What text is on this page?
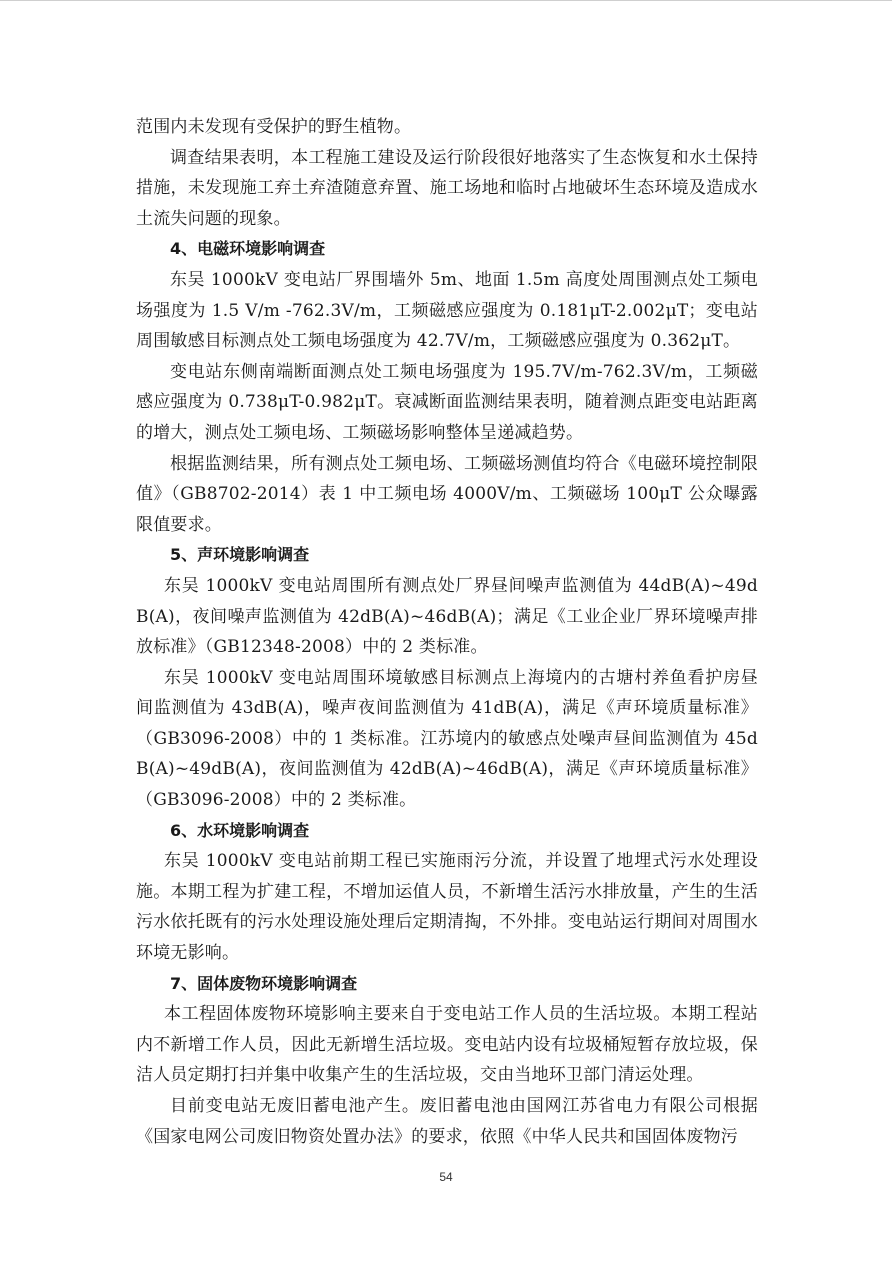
范围内未发现有受保护的野生植物。

调查结果表明，本工程施工建设及运行阶段很好地落实了生态恢复和水土保持措施，未发现施工弃土弃渣随意弃置、施工场地和临时占地破坏生态环境及造成水土流失问题的现象。

4、电磁环境影响调查

东吴 1000kV 变电站厂界围墙外 5m、地面 1.5m 高度处周围测点处工频电场强度为 1.5 V/m -762.3V/m，工频磁感应强度为 0.181μT-2.002μT；变电站周围敏感目标测点处工频电场强度为 42.7V/m，工频磁感应强度为 0.362μT。

变电站东侧南端断面测点处工频电场强度为 195.7V/m-762.3V/m，工频磁感应强度为 0.738μT-0.982μT。衰减断面监测结果表明，随着测点距变电站距离的增大，测点处工频电场、工频磁场影响整体呈递减趋势。

根据监测结果，所有测点处工频电场、工频磁场测值均符合《电磁环境控制限值》（GB8702-2014）表 1 中工频电场 4000V/m、工频磁场 100μT 公众曝露限值要求。

5、声环境影响调查

东吴 1000kV 变电站周围所有测点处厂界昼间噪声监测值为 44dB(A)~49dB(A)，夜间噪声监测值为 42dB(A)~46dB(A)；满足《工业企业厂界环境噪声排放标准》（GB12348-2008）中的 2 类标准。

东吴 1000kV 变电站周围环境敏感目标测点上海境内的古塘村养鱼看护房昼间监测值为 43dB(A)，噪声夜间监测值为 41dB(A)，满足《声环境质量标准》（GB3096-2008）中的 1 类标准。江苏境内的敏感点处噪声昼间监测值为 45dB(A)~49dB(A)，夜间监测值为 42dB(A)~46dB(A)，满足《声环境质量标准》（GB3096-2008）中的 2 类标准。

6、水环境影响调查

东吴 1000kV 变电站前期工程已实施雨污分流，并设置了地埋式污水处理设施。本期工程为扩建工程，不增加运值人员，不新增生活污水排放量，产生的生活污水依托既有的污水处理设施处理后定期清掏，不外排。变电站运行期间对周围水环境无影响。

7、固体废物环境影响调查

本工程固体废物环境影响主要来自于变电站工作人员的生活垃圾。本期工程站内不新增工作人员，因此无新增生活垃圾。变电站内设有垃圾桶短暂存放垃圾，保洁人员定期打扫并集中收集产生的生活垃圾，交由当地环卫部门清运处理。

目前变电站无废旧蓄电池产生。废旧蓄电池由国网江苏省电力有限公司根据《国家电网公司废旧物资处置办法》的要求，依照《中华人民共和国固体废物污

54
